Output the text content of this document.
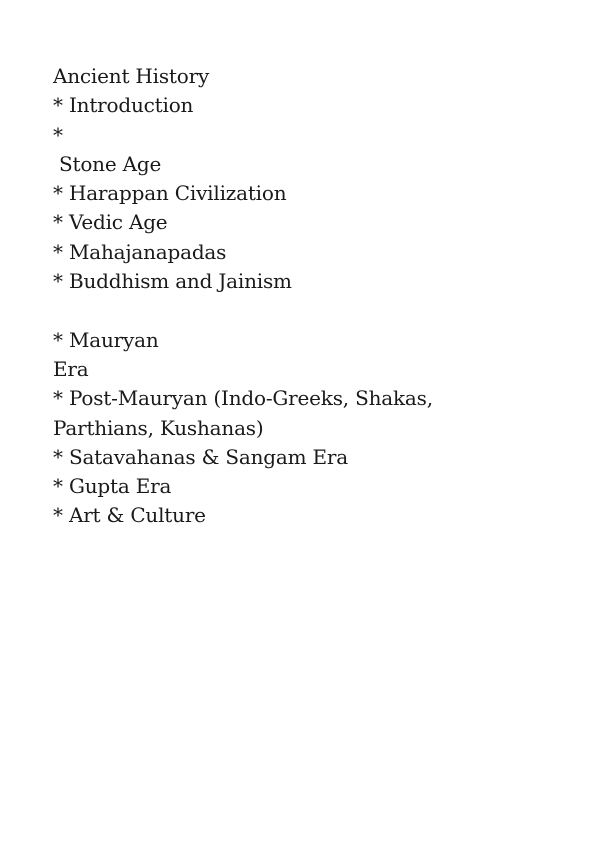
Ancient History
* Introduction
*
Stone Age
* Harappan Civilization
* Vedic Age
* Mahajanapadas
* Buddhism and Jainism
* Mauryan
Era
* Post-Mauryan (Indo-Greeks, Shakas,
Parthians, Kushanas)
* Satavahanas & Sangam Era
* Gupta Era
* Art & Culture
